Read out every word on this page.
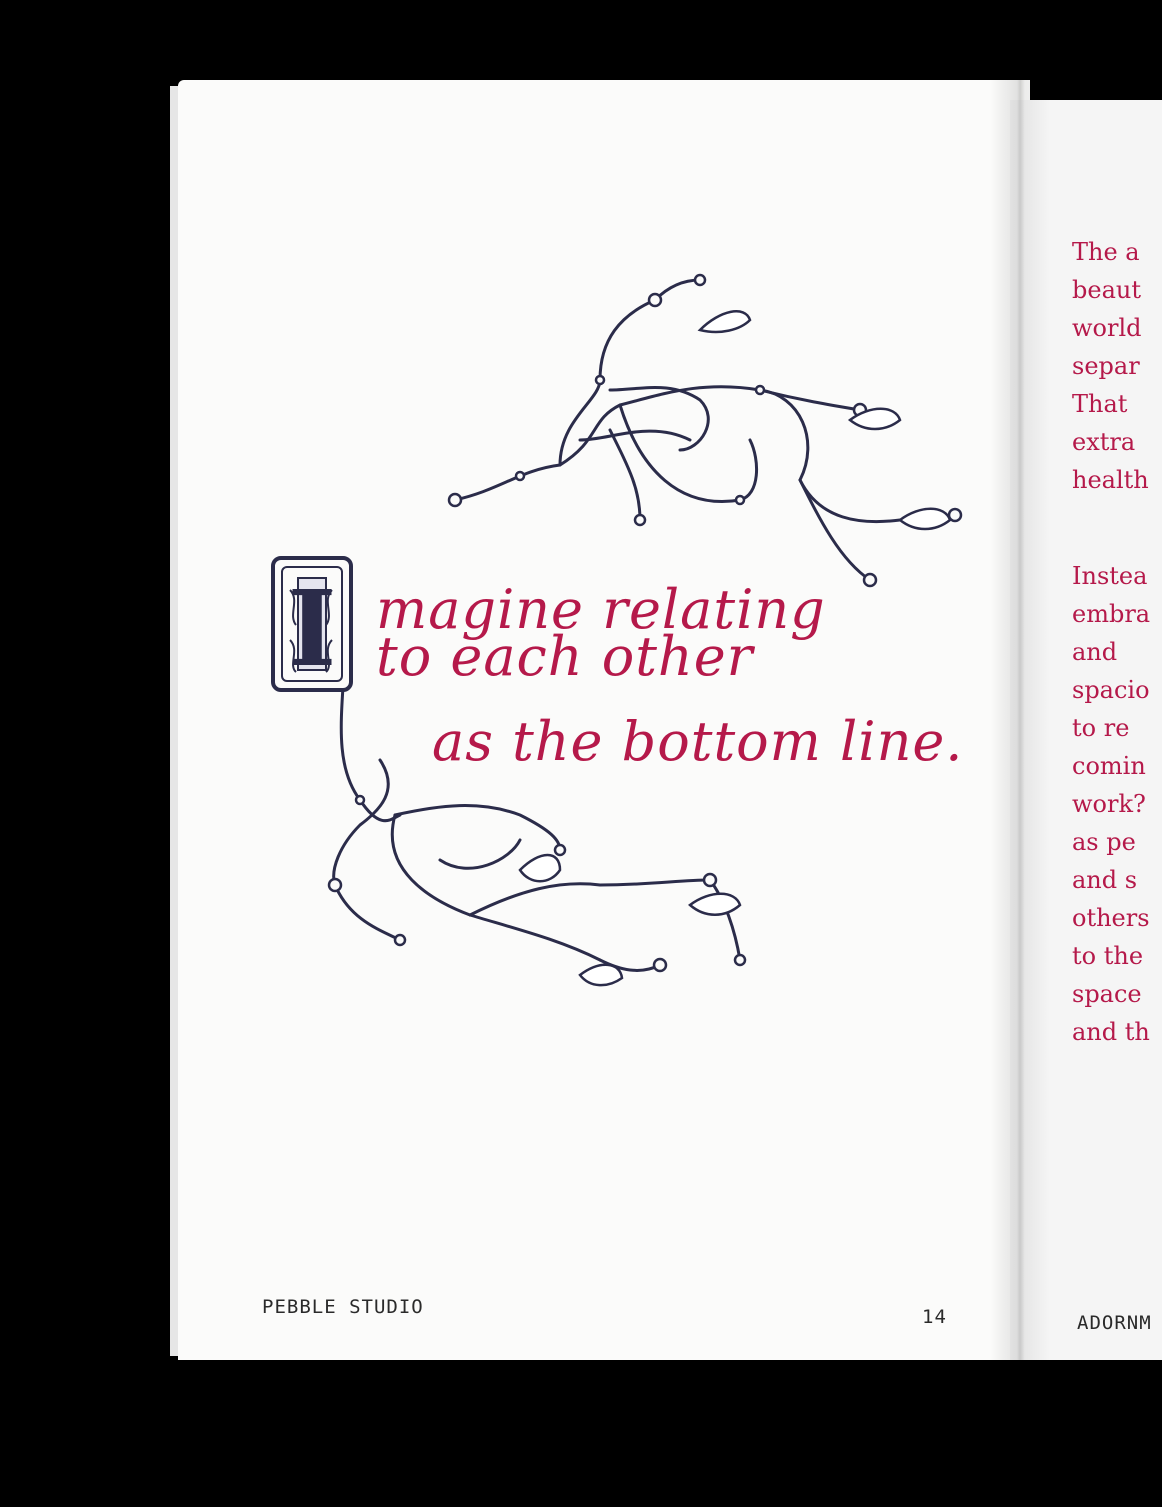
I magine relating

to each other

as the bottom line.

The a

beaut

world

separ

That

extra

health

Instea

embra

and

spacio

to re

comin

work?

as pe

and s

others

to the

space

and th

PEBBLE STUDIO	14	ADORNM
